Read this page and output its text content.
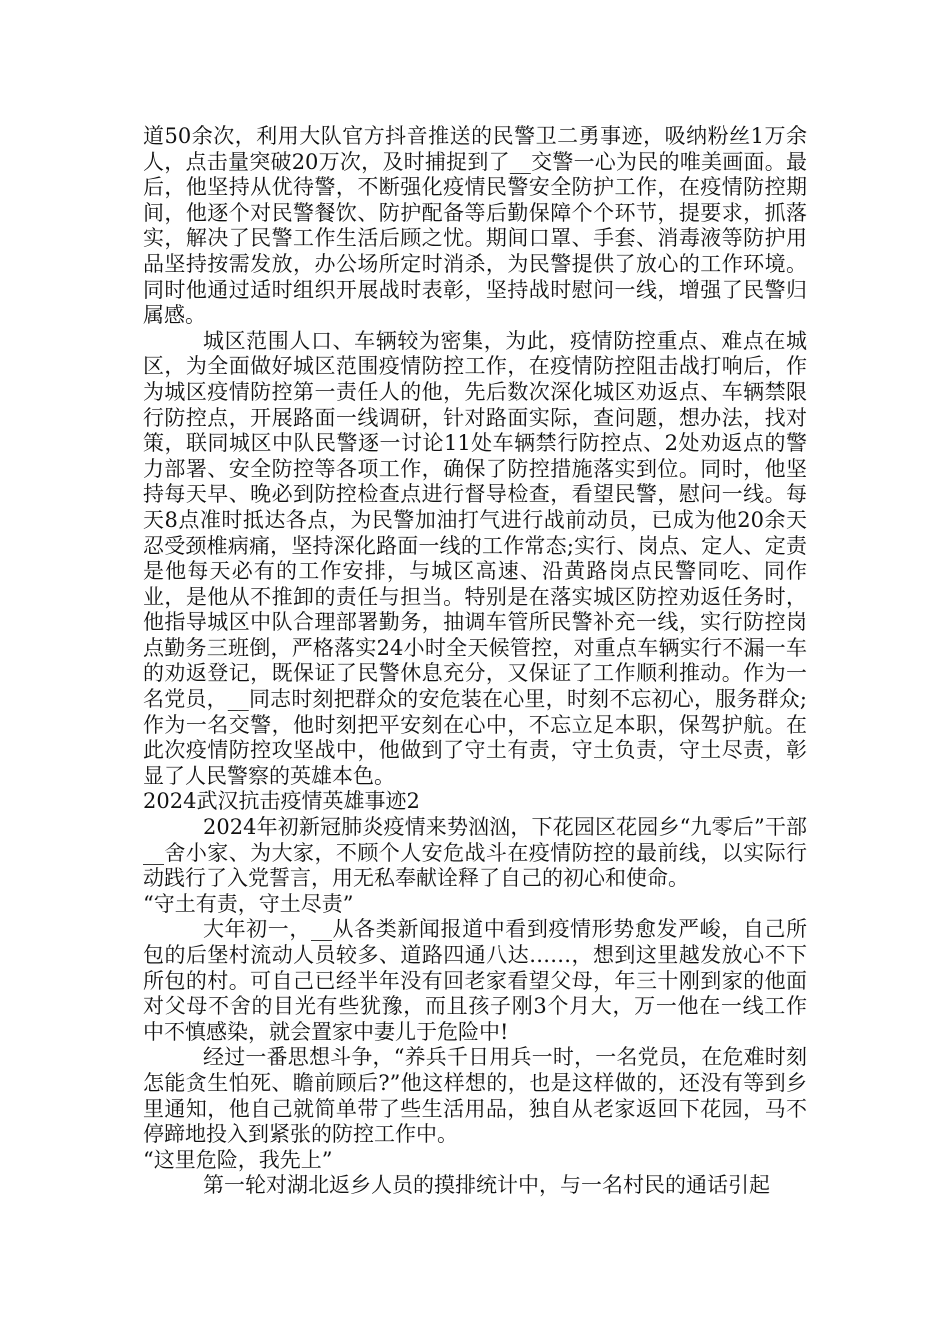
道50余次，利用大队官方抖音推送的民警卫二勇事迹，吸纳粉丝1万余人，点击量突破20万次，及时捕捉到了__交警一心为民的唯美画面。最后，他坚持从优待警，不断强化疫情民警安全防护工作，在疫情防控期间，他逐个对民警餐饮、防护配备等后勤保障个个环节，提要求，抓落实，解决了民警工作生活后顾之忧。期间口罩、手套、消毒液等防护用品坚持按需发放，办公场所定时消杀，为民警提供了放心的工作环境。同时他通过适时组织开展战时表彰，坚持战时慰问一线，增强了民警归属感。

城区范围人口、车辆较为密集，为此，疫情防控重点、难点在城区，为全面做好城区范围疫情防控工作，在疫情防控阻击战打响后，作为城区疫情防控第一责任人的他，先后数次深化城区劝返点、车辆禁限行防控点，开展路面一线调研，针对路面实际，查问题，想办法，找对策，联同城区中队民警逐一讨论11处车辆禁行防控点、2处劝返点的警力部署、安全防控等各项工作，确保了防控措施落实到位。同时，他坚持每天早、晚必到防控检查点进行督导检查，看望民警，慰问一线。每天8点准时抵达各点，为民警加油打气进行战前动员，已成为他20余天忍受颈椎病痛，坚持深化路面一线的工作常态;实行、岗点、定人、定责是他每天必有的工作安排，与城区高速、沿黄路岗点民警同吃、同作业，是他从不推卸的责任与担当。特别是在落实城区防控劝返任务时，他指导城区中队合理部署勤务，抽调车管所民警补充一线，实行防控岗点勤务三班倒，严格落实24小时全天候管控，对重点车辆实行不漏一车的劝返登记，既保证了民警休息充分，又保证了工作顺利推动。作为一名党员，__同志时刻把群众的安危装在心里，时刻不忘初心，服务群众;作为一名交警，他时刻把平安刻在心中，不忘立足本职，保驾护航。在此次疫情防控攻坚战中，他做到了守土有责，守土负责，守土尽责，彰显了人民警察的英雄本色。

2024武汉抗击疫情英雄事迹2

2024年初新冠肺炎疫情来势汹汹，下花园区花园乡“九零后”干部__舍小家、为大家，不顾个人安危战斗在疫情防控的最前线，以实际行动践行了入党誓言，用无私奉献诠释了自己的初心和使命。

“守土有责，守土尽责”

大年初一，__从各类新闻报道中看到疫情形势愈发严峻，自己所包的后堡村流动人员较多、道路四通八达……，想到这里越发放心不下所包的村。可自己已经半年没有回老家看望父母，年三十刚到家的他面对父母不舍的目光有些犹豫，而且孩子刚3个月大，万一他在一线工作中不慎感染，就会置家中妻儿于危险中!

经过一番思想斗争，“养兵千日用兵一时，一名党员，在危难时刻怎能贪生怕死、瞻前顾后?”他这样想的，也是这样做的，还没有等到乡里通知，他自己就简单带了些生活用品，独自从老家返回下花园，马不停蹄地投入到紧张的防控工作中。

“这里危险，我先上”

第一轮对湖北返乡人员的摸排统计中，与一名村民的通话引起
